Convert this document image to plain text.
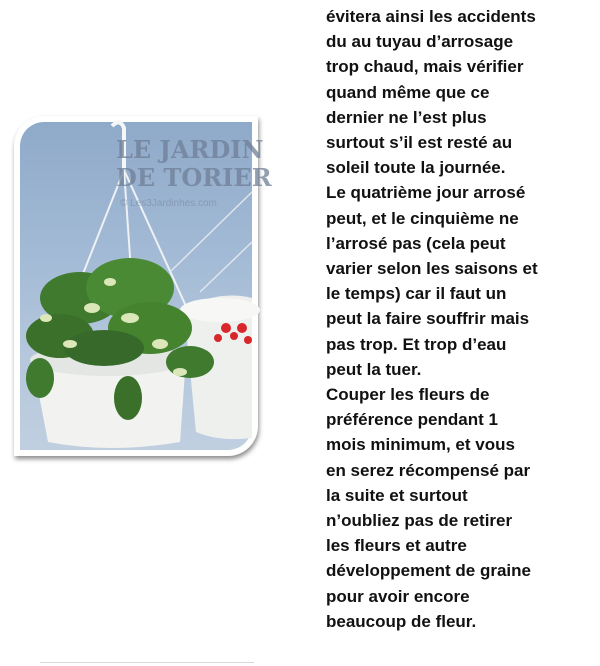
LE JARDIN
DE TORIER
© Les3Jardinhes.com
évitera ainsi les accidents
du au tuyau d’arrosage
trop chaud, mais vérifier
quand même que ce
dernier ne l’est plus
surtout s’il est resté au
soleil toute la journée.
Le quatrième jour arrosé
peut, et le cinquième ne
l’arrosé pas (cela peut
varier selon les saisons et
le temps) car il faut un
peut la faire souffrir mais
pas trop. Et trop d’eau
peut la tuer.
Couper les fleurs de
préférence pendant 1
mois minimum, et vous
en serez récompensé par
la suite et surtout
n’oubliez pas de retirer
les fleurs et autre
développement de graine
pour avoir encore
beaucoup de fleur.
